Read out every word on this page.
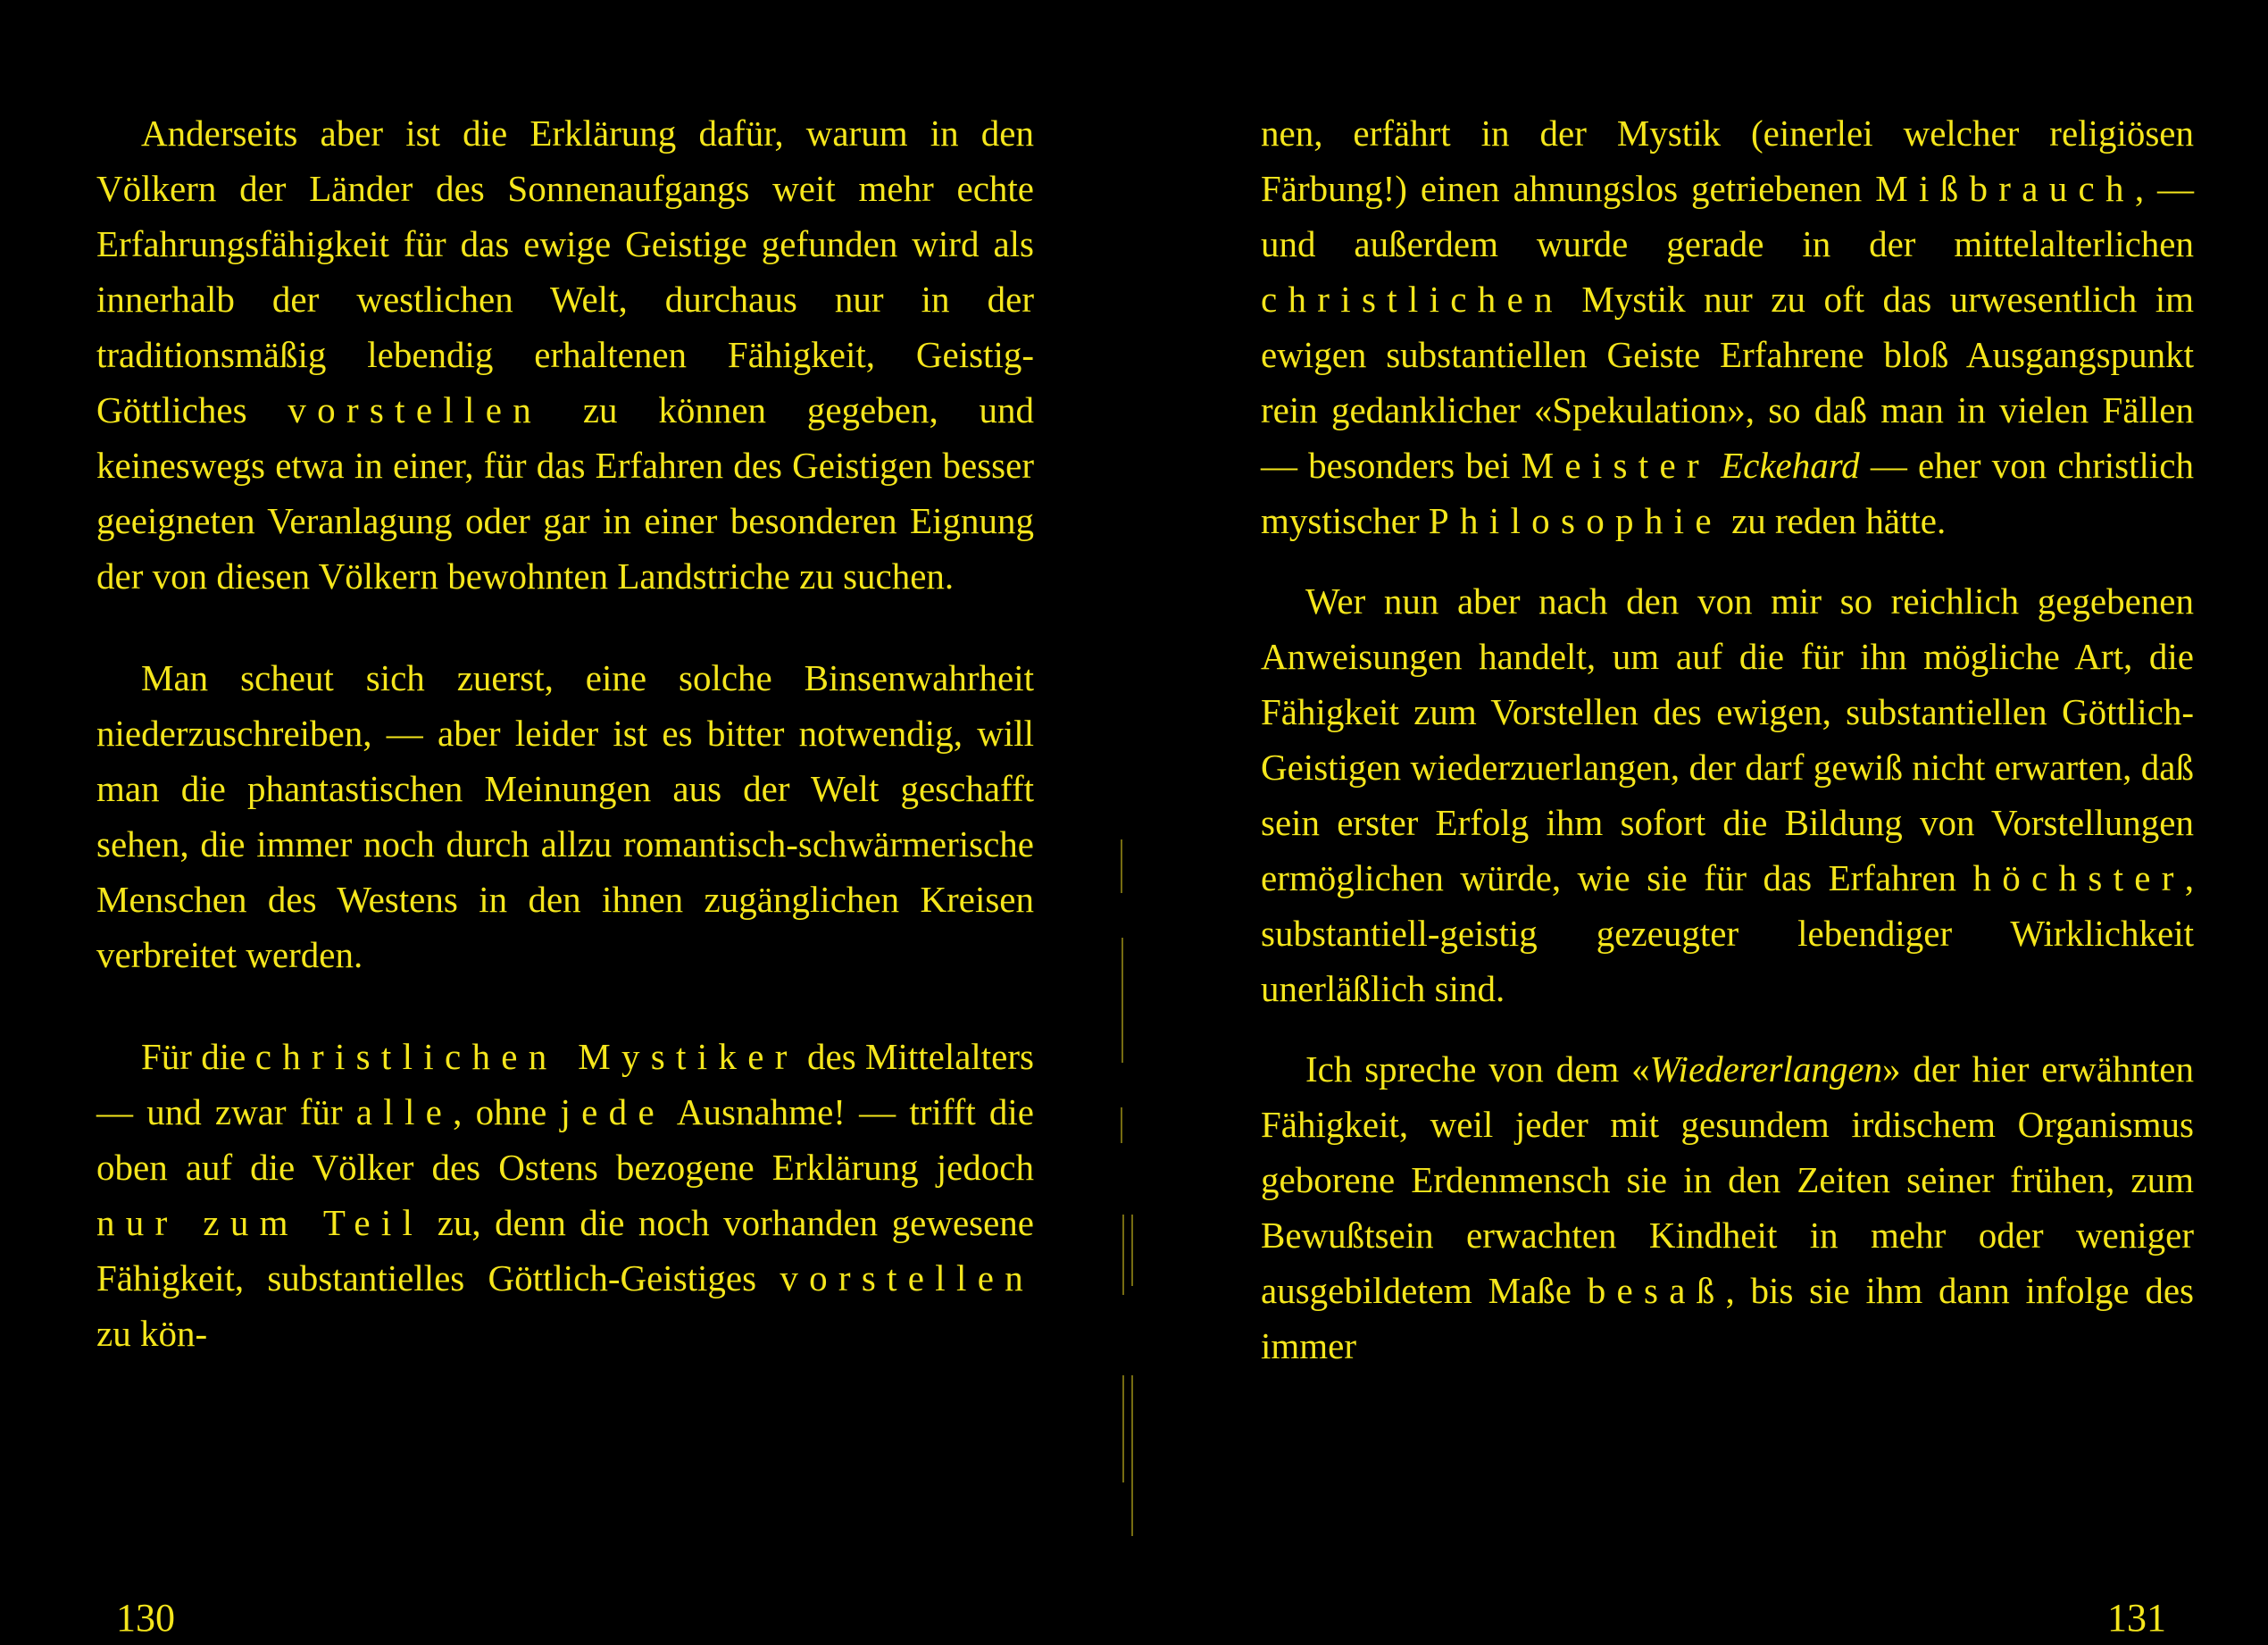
Anderseits aber ist die Erklärung dafür, warum in den Völkern der Länder des Sonnenaufgangs weit mehr echte Erfahrungsfähigkeit für das ewige Geistige gefunden wird als innerhalb der westlichen Welt, durchaus nur in der traditionsmäßig lebendig erhaltenen Fähigkeit, Geistig-Göttliches vorstellen zu können gegeben, und keineswegs etwa in einer, für das Erfahren des Geistigen besser geeigneten Veranlagung oder gar in einer besonderen Eignung der von diesen Völkern bewohnten Landstriche zu suchen.

Man scheut sich zuerst, eine solche Binsenwahrheit niederzuschreiben, — aber leider ist es bitter notwendig, will man die phantastischen Meinungen aus der Welt geschafft sehen, die immer noch durch allzu romantisch-schwärmerische Menschen des Westens in den ihnen zugänglichen Kreisen verbreitet werden.

Für die christlichen Mystiker des Mittelalters — und zwar für alle, ohne jede Ausnahme! — trifft die oben auf die Völker des Ostens bezogene Erklärung jedoch nur zum Teil zu, denn die noch vorhanden gewesene Fähigkeit, substantielles Göttlich-Geistiges vorstellen zu kön-

nen, erfährt in der Mystik (einerlei welcher religiösen Färbung!) einen ahnungslos getriebenen Mißbrauch, — und außerdem wurde gerade in der mittelalterlichen christlichen Mystik nur zu oft das urwesentlich im ewigen substantiellen Geiste Erfahrene bloß Ausgangspunkt rein gedanklicher «Spekulation», so daß man in vielen Fällen — besonders bei Meister Eckehard — eher von christlich mystischer Philosophie zu reden hätte.

Wer nun aber nach den von mir so reichlich gegebenen Anweisungen handelt, um auf die für ihn mögliche Art, die Fähigkeit zum Vorstellen des ewigen, substantiellen Göttlich-Geistigen wiederzuerlangen, der darf gewiß nicht erwarten, daß sein erster Erfolg ihm sofort die Bildung von Vorstellungen ermöglichen würde, wie sie für das Erfahren höchster, substantiell-geistig gezeugter lebendiger Wirklichkeit unerläßlich sind.

Ich spreche von dem «Wiedererlangen» der hier erwähnten Fähigkeit, weil jeder mit gesundem irdischem Organismus geborene Erdenmensch sie in den Zeiten seiner frühen, zum Bewußtsein erwachten Kindheit in mehr oder weniger ausgebildetem Maße besaß, bis sie ihm dann infolge des immer

130	131
